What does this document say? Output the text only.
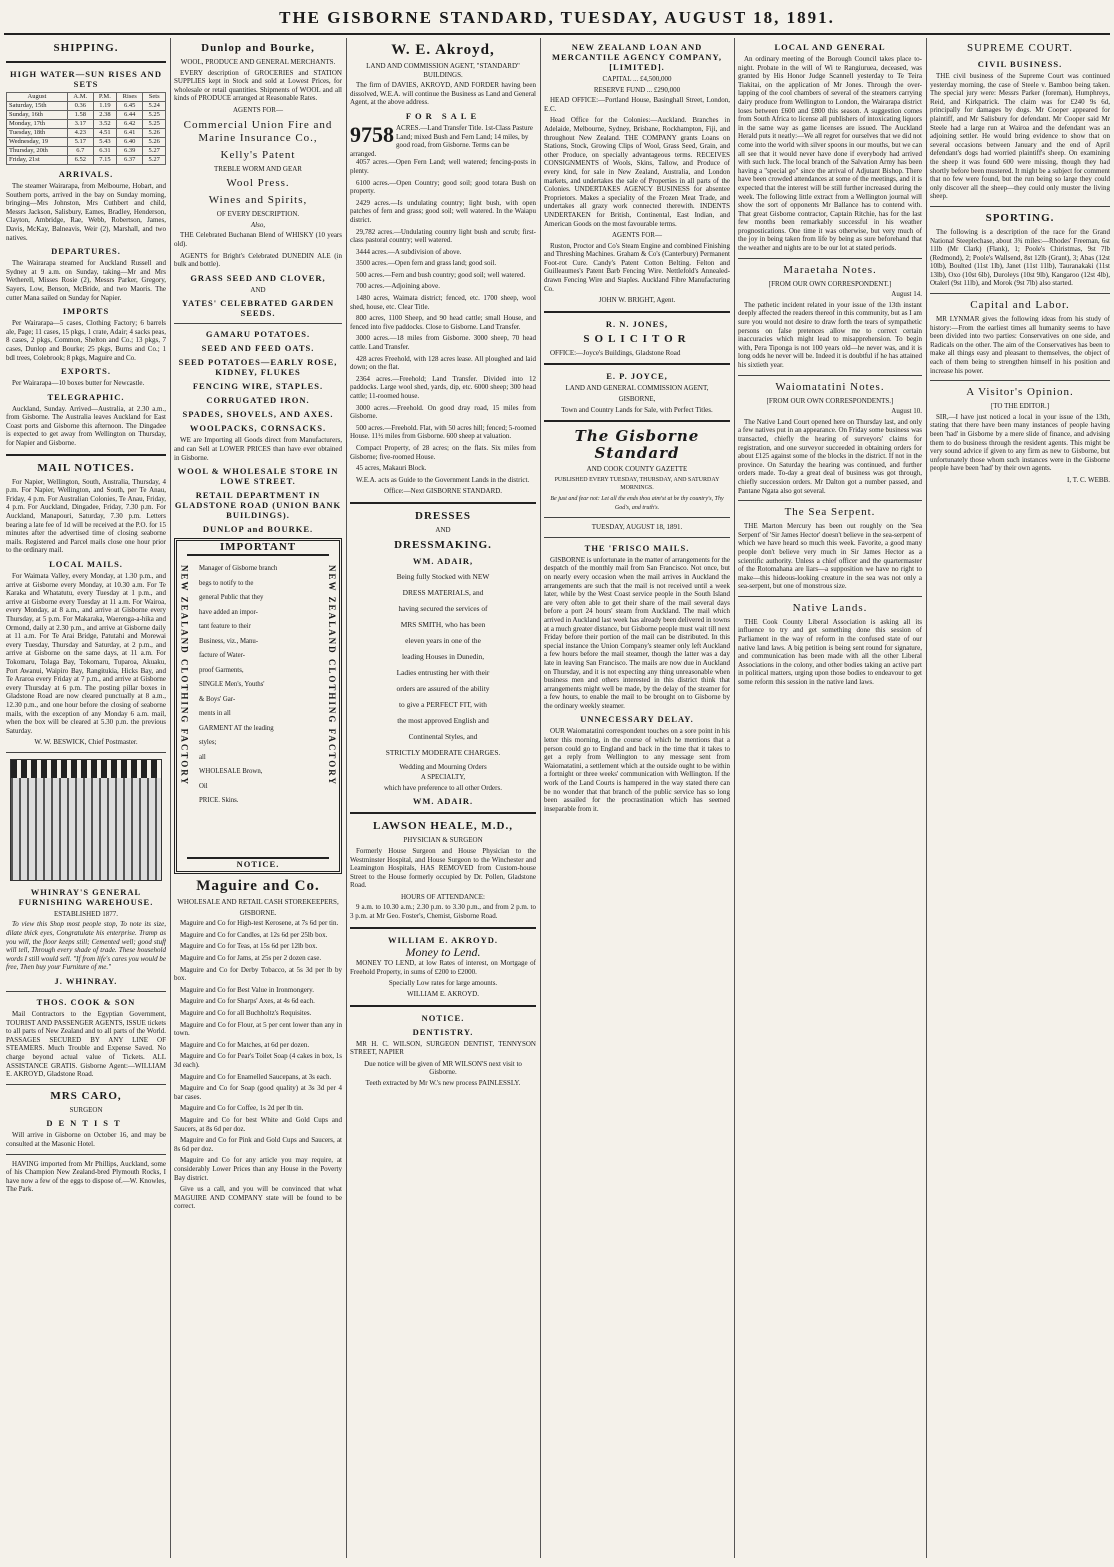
THE GISBORNE STANDARD, TUESDAY, AUGUST 18, 1891.
SHIPPING.
HIGH WATER—SUN RISES AND SETS
August	A.M.	P.M.	Rises	Sets
Saturday, 15th	0.36	1.19	6.45	5.24
Sunday, 16th	1.58	2.38	6.44	5.25
Monday, 17th	3.17	3.52	6.42	5.25
Tuesday, 18th	4.23	4.51	6.41	5.26
Wednesday, 19	5.17	5.43	6.40	5.26
Thursday, 20th	6.7	6.31	6.39	5.27
Friday, 21st	6.52	7.15	6.37	5.27
ARRIVALS.

The steamer Wairarapa, from Melbourne, Hobart, and Southern ports, arrived in the bay on Sunday morning, bringing—Mrs Johnston, Mrs Cuthbert and child, Messrs Jackson, Salisbury, Eames, Bradley, Henderson, Clayton, Ambridge, Rae, Webb, Robertson, James, Davis, McKay, Balneavis, Weir (2), Marshall, and two natives.

DEPARTURES.

The Wairarapa steamed for Auckland Russell and Sydney at 9 a.m. on Sunday, taking—Mr and Mrs Wetherell, Misses Rosie (2), Messrs Parker, Gregory, Sayers, Low, Benson, McBride, and two Maoris. The cutter Mana sailed on Sunday for Napier.

IMPORTS

Per Wairarapa—5 cases, Clothing Factory; 6 barrels ale, Page; 11 cases, 15 pkgs, 1 crate, Adair; 4 sacks peas, 8 cases, 2 pkgs, Common, Shelton and Co.; 13 pkgs, 7 cases, Dunlop and Bourke; 25 pkgs, Burns and Co.; 1 bdl trees, Colebrook; 8 pkgs, Maguire and Co.

EXPORTS.

Per Wairarapa—10 boxes butter for Newcastle.

TELEGRAPHIC.

Auckland, Sunday. Arrived—Australia, at 2.30 a.m., from Gisborne. The Australia leaves Auckland for East Coast ports and Gisborne this afternoon. The Dingadee is expected to get away from Wellington on Thursday, for Napier and Gisborne.

MAIL NOTICES.

For Napier, Wellington, South, Australia, Thursday, 4 p.m. For Napier, Wellington, and South, per Te Anau, Friday, 4 p.m. For Australian Colonies, Te Anau, Friday, 4 p.m. For Auckland, Dingadee, Friday, 7.30 p.m. For Auckland, Manapouri, Saturday, 7.30 p.m. Letters bearing a late fee of 1d will be received at the P.O. for 15 minutes after the advertised time of closing seaborne mails. Registered and Parcel mails close one hour prior to the ordinary mail.

LOCAL MAILS.

For Waimata Valley, every Monday, at 1.30 p.m., and arrive at Gisborne every Monday, at 10.30 a.m. For Te Karaka and Whatatutu, every Tuesday at 1 p.m., and arrive at Gisborne every Tuesday at 11 a.m. For Wairoa, every Monday, at 8 a.m., and arrive at Gisborne every Thursday, at 5 p.m. For Makaraka, Waerenga-a-hika and Ormond, daily at 2.30 p.m., and arrive at Gisborne daily at 11 a.m. For Te Arai Bridge, Patutahi and Morewai every Tuesday, Thursday and Saturday, at 2 p.m., and arrive at Gisborne on the same days, at 11 a.m. For Tokomaru, Tolaga Bay, Tokomaru, Tuparoa, Akuaku, Port Awanui, Waipiro Bay, Rangitukia, Hicks Bay, and Te Araroa every Friday at 7 p.m., and arrive at Gisborne every Thursday at 6 p.m. The posting pillar boxes in Gladstone Road are now cleared punctually at 8 a.m., 12.30 p.m., and one hour before the closing of seaborne mails, with the exception of any Monday 6 a.m. mail, when the box will be cleared at 5.30 p.m. the previous Saturday.

W. W. BESWICK, Chief Postmaster.

WHINRAY'S GENERAL FURNISHING WAREHOUSE.

ESTABLISHED 1877.

To view this Shop most people stop, To note its size, dilate thick eyes, Congratulate his enterprise. Tramp as you will, the floor keeps still; Cemented well; good stuff will tell, Through every shade of trade. These household words I still would sell. "If from life's cares you would be free, Then buy your Furniture of me."

J. WHINRAY.
THOS. COOK & SON

Mail Contractors to the Egyptian Government, TOURIST AND PASSENGER AGENTS, ISSUE tickets to all parts of New Zealand and to all parts of the World. PASSAGES SECURED BY ANY LINE OF STEAMERS. Much Trouble and Expense Saved. No charge beyond actual value of Tickets. ALL ASSISTANCE GRATIS. Gisborne Agent:—WILLIAM E. AKROYD, Gladstone Road.

MRS CARO,

SURGEON

DENTIST

Will arrive in Gisborne on October 16, and may be consulted at the Masonic Hotel.

HAVING imported from Mr Phillips, Auckland, some of his Champion New Zealand-bred Plymouth Rocks, I have now a few of the eggs to dispose of.—W. Knowles, The Park.

Dunlop and Bourke,

WOOL, PRODUCE AND GENERAL MERCHANTS.

EVERY description of GROCERIES and STATION SUPPLIES kept in Stock and sold at Lowest Prices, for wholesale or retail quantities. Shipments of WOOL and all kinds of PRODUCE arranged at Reasonable Rates.

AGENTS FOR—

Commercial Union Fire and Marine Insurance Co.,
Kelly's Patent

TREBLE WORM AND GEAR

Wool Press.
Wines and Spirits,

OF EVERY DESCRIPTION.

Also,

THE Celebrated Buchanan Blend of WHISKY (10 years old).

AGENTS for Bright's Celebrated DUNEDIN ALE (in bulk and bottle).

GRASS SEED AND CLOVER,

AND

YATES' CELEBRATED GARDEN SEEDS.
GAMARU POTATOES.
SEED AND FEED OATS.
SEED POTATOES—EARLY ROSE, KIDNEY, FLUKES
FENCING WIRE, STAPLES.
CORRUGATED IRON.
SPADES, SHOVELS, AND AXES.
WOOLPACKS, CORNSACKS.

WE are Importing all Goods direct from Manufacturers, and can Sell at LOWER PRICES than have ever obtained in Gisborne.

WOOL & WHOLESALE STORE IN LOWE STREET.
RETAIL DEPARTMENT IN GLADSTONE ROAD (UNION BANK BUILDINGS).
DUNLOP and BOURKE.
IMPORTANT
NEW ZEALAND CLOTHING FACTORY	NEW ZEALAND CLOTHING FACTORY
Manager of Gisborne branch
begs to notify to the
general Public that they
have added an impor-
tant feature to their
Business, viz., Manu-
facture of Water-
proof Garments,
SINGLE Men's, Youths'
& Boys' Gar-
ments in all
GARMENT AT the leading
styles;
all
WHOLESALE Brown,
Oil
PRICE. Skins.
NOTICE.
Maguire and Co.

WHOLESALE AND RETAIL CASH STOREKEEPERS,

GISBORNE.

Maguire and Co for High-test Kerosene, at 7s 6d per tin.

Maguire and Co for Candles, at 12s 6d per 25lb box.

Maguire and Co for Teas, at 15s 6d per 12lb box.

Maguire and Co for Jams, at 25s per 2 dozen case.

Maguire and Co for Derby Tobacco, at 5s 3d per lb by box.

Maguire and Co for Best Value in Ironmongery.

Maguire and Co for Sharps' Axes, at 4s 6d each.

Maguire and Co for all Buchholtz's Requisites.

Maguire and Co for Flour, at 5 per cent lower than any in town.

Maguire and Co for Matches, at 6d per dozen.

Maguire and Co for Pear's Toilet Soap (4 cakes in box, 1s 3d each).

Maguire and Co for Enamelled Saucepans, at 3s each.

Maguire and Co for Soap (good quality) at 3s 3d per 4 bar cases.

Maguire and Co for Coffee, 1s 2d per lb tin.

Maguire and Co for best White and Gold Cups and Saucers, at 8s 6d per doz.

Maguire and Co for Pink and Gold Cups and Saucers, at 8s 6d per doz.

Maguire and Co for any article you may require, at considerably Lower Prices than any House in the Poverty Bay district.

Give us a call, and you will be convinced that what MAGUIRE AND COMPANY state will be found to be correct.

W. E. Akroyd,

LAND AND COMMISSION AGENT, "STANDARD" BUILDINGS.

The firm of DAVIES, AKROYD, AND FORDER having been dissolved, W.E.A. will continue the Business as Land and General Agent, at the above address.

FOR SALE
9758 ACRES.—Land Transfer Title. 1st-Class Pasture Land; mixed Bush and Fern Land; 14 miles, by good road, from Gisborne. Terms can be arranged.

4057 acres.—Open Fern Land; well watered; fencing-posts in plenty.

6100 acres.—Open Country; good soil; good totara Bush on property.

2429 acres.—Is undulating country; light bush, with open patches of fern and grass; good soil; well watered. In the Waiapu district.

29,782 acres.—Undulating country light bush and scrub; first-class pastoral country; well watered.

3444 acres.—A subdivision of above.

3500 acres.—Open fern and grass land; good soil.

500 acres.—Fern and bush country; good soil; well watered.

700 acres.—Adjoining above.

1480 acres, Waimata district; fenced, etc. 1700 sheep, wool shed, house, etc. Clear Title.

800 acres, 1100 Sheep, and 90 head cattle; small House, and fenced into five paddocks. Close to Gisborne. Land Transfer.

3000 acres.—18 miles from Gisborne. 3000 sheep, 70 head cattle. Land Transfer.

428 acres Freehold, with 128 acres lease. All ploughed and laid down; on the flat.

2364 acres.—Freehold; Land Transfer. Divided into 12 paddocks. Large wool shed, yards, dip, etc. 6000 sheep; 300 head cattle; 11-roomed house.

3000 acres.—Freehold. On good dray road, 15 miles from Gisborne.

500 acres.—Freehold. Flat, with 50 acres hill; fenced; 5-roomed House. 11½ miles from Gisborne. 600 sheep at valuation.

Compact Property, of 28 acres; on the flats. Six miles from Gisborne; five-roomed House.

45 acres, Makauri Block.

W.E.A. acts as Guide to the Government Lands in the district.

Office:—Next GISBORNE STANDARD.

DRESSES

AND

DRESSMAKING.
WM. ADAIR,
Being fully Stocked with NEW
DRESS MATERIALS, and
having secured the services of
MRS SMITH, who has been
eleven years in one of the
leading Houses in Dunedin,
Ladies entrusting her with their
orders are assured of the ability
to give a PERFECT FIT, with
the most approved English and
Continental Styles, and
STRICTLY MODERATE CHARGES.

Wedding and Mourning Orders

A SPECIALTY,

which have preference to all other Orders.

WM. ADAIR.
LAWSON HEALE, M.D.,

PHYSICIAN & SURGEON

Formerly House Surgeon and House Physician to the Westminster Hospital, and House Surgeon to the Winchester and Leamington Hospitals, HAS REMOVED from Custom-house Street to the House formerly occupied by Dr. Pollen, Gladstone Road.

HOURS OF ATTENDANCE:

9 a.m. to 10.30 a.m.; 2.30 p.m. to 3.30 p.m., and from 2 p.m. to 3 p.m. at Mr Geo. Foster's, Chemist, Gisborne Road.

WILLIAM E. AKROYD.
Money to Lend.

MONEY TO LEND, at low Rates of interest, on Mortgage of Freehold Property, in sums of £200 to £2000.

Specially Low rates for large amounts.

WILLIAM E. AKROYD.

NOTICE.
DENTISTRY.

MR H. C. WILSON, SURGEON DENTIST, TENNYSON STREET, NAPIER

Due notice will be given of MR WILSON'S next visit to Gisborne.

Teeth extracted by Mr W.'s new process PAINLESSLY.

NEW ZEALAND LOAN AND MERCANTILE AGENCY COMPANY, [LIMITED].

CAPITAL ... £4,500,000

RESERVE FUND ... £290,000

HEAD OFFICE:—Portland House, Basinghall Street, London, E.C.

Head Office for the Colonies:—Auckland. Branches in Adelaide, Melbourne, Sydney, Brisbane, Rockhampton, Fiji, and throughout New Zealand. THE COMPANY grants Loans on Stations, Stock, Growing Clips of Wool, Grass Seed, Grain, and other Produce, on specially advantageous terms. RECEIVES CONSIGNMENTS of Wools, Skins, Tallow, and Produce of every kind, for sale in New Zealand, Australia, and London markets, and undertakes the sale of Properties in all parts of the Colonies. UNDERTAKES AGENCY BUSINESS for absentee Proprietors. Makes a speciality of the Frozen Meat Trade, and undertakes all grazy work connected therewith. INDENTS UNDERTAKEN for British, Continental, East Indian, and American Goods on the most favourable terms.

AGENTS FOR—

Ruston, Proctor and Co's Steam Engine and combined Finishing and Threshing Machines. Graham & Co's (Canterbury) Permanent Foot-rot Cure. Candy's Patent Cotton Belting. Felton and Guilleaumes's Patent Barb Fencing Wire. Nettlefold's Annealed-drawn Fencing Wire and Staples. Auckland Fibre Manufacturing Co.

JOHN W. BRIGHT, Agent.

R. N. JONES,
SOLICITOR

OFFICE:—Joyce's Buildings, Gladstone Road

E. P. JOYCE,

LAND AND GENERAL COMMISSION AGENT,

GISBORNE,

Town and Country Lands for Sale, with Perfect Titles.

The Gisborne Standard

AND COOK COUNTY GAZETTE

PUBLISHED EVERY TUESDAY, THURSDAY, AND SATURDAY MORNINGS.

Be just and fear not: Let all the ends thou aim'st at be thy country's, Thy God's, and truth's.

TUESDAY, AUGUST 18, 1891.

THE 'FRISCO MAILS.

GISBORNE is unfortunate in the matter of arrangements for the despatch of the monthly mail from San Francisco. Not once, but on nearly every occasion when the mail arrives in Auckland the arrangements are such that the mail is not received until a week later, while by the West Coast service people in the South Island are very often able to get their share of the mail several days before a port 24 hours' steam from Auckland. The mail which arrived in Auckland last week has already been delivered in towns at a much greater distance, but Gisborne people must wait till next Friday before their portion of the mail can be distributed. In this special instance the Union Company's steamer only left Auckland a few hours before the mail steamer, though the latter was a day late in leaving San Francisco. The mails are now due in Auckland on Thursday, and it is not expecting any thing unreasonable when business men and others interested in this district think that arrangements might well be made, by the delay of the steamer for a few hours, to enable the mail to be brought on to Gisborne by the ordinary weekly steamer.

UNNECESSARY DELAY.

OUR Waiomatatini correspondent touches on a sore point in his letter this morning, in the course of which he mentions that a person could go to England and back in the time that it takes to get a reply from Wellington to any message sent from Waiomatatini, a settlement which at the outside ought to be within a fortnight or three weeks' communication with Wellington. If the work of the Land Courts is hampered in the way stated there can be no wonder that that branch of the public service has so long been assailed for the procrastination which has seemed inseparable from it.

LOCAL AND GENERAL

An ordinary meeting of the Borough Council takes place to-night. Probate in the will of Wi te Rangiuruea, deceased, was granted by His Honor Judge Scannell yesterday to Te Teira Tiakitai, on the application of Mr Jones. Through the over-lapping of the cool chambers of several of the steamers carrying dairy produce from Wellington to London, the Wairarapa district loses between £600 and £800 this season. A suggestion comes from South Africa to license all publishers of intoxicating liquors in the same way as game licenses are issued. The Auckland Herald puts it neatly:—We all regret for ourselves that we did not come into the world with silver spoons in our mouths, but we can all see that it would never have done if everybody had arrived with such luck. The local branch of the Salvation Army has been having a "special go" since the arrival of Adjutant Bishop. There have been crowded attendances at some of the meetings, and it is expected that the interest will be still further increased during the week. The following little extract from a Wellington journal will show the sort of opponents Mr Ballance has to contend with. That great Gisborne contractor, Captain Ritchie, has for the last few months been remarkably successful in his weather prognostications. One time it was otherwise, but very much of the joy in being taken from life by being as sure beforehand that the weather and nights are to be our lot at stated periods.

Maraetaha Notes.

[FROM OUR OWN CORRESPONDENT.]

August 14.

The pathetic incident related in your issue of the 13th instant deeply affected the readers thereof in this community, but as I am sure you would not desire to draw forth the tears of sympathetic persons on false pretences allow me to correct certain inaccuracies which might lead to misapprehension. To begin with, Pera Tiponga is not 100 years old—he never was, and it is long odds he never will be. Indeed it is doubtful if he has attained his sixtieth year.

Waiomatatini Notes.

[FROM OUR OWN CORRESPONDENTS.]

August 10.

The Native Land Court opened here on Thursday last, and only a few natives put in an appearance. On Friday some business was transacted, chiefly the hearing of surveyors' claims for registration, and one surveyor succeeded in obtaining orders for about £125 against some of the blocks in the district. If not in the province. On Saturday the hearing was continued, and further orders made. To-day a great deal of business was got through, chiefly succession orders. Mr Dalton got a number passed, and Pantane Ngata also got several.

The Sea Serpent.

THE Marton Mercury has been out roughly on the 'Sea Serpent' of 'Sir James Hector' doesn't believe in the sea-serpent of which we have heard so much this week. Favorite, a good many people don't believe very much in Sir James Hector as a scientific authority. Unless a chief officer and the quartermaster of the Rotomahana are liars—a supposition we have no right to make—this hideous-looking creature in the sea was not only a sea-serpent, but one of monstrous size.

Native Lands.

THE Cook County Liberal Association is asking all its influence to try and get something done this session of Parliament in the way of reform in the confused state of our native land laws. A big petition is being sent round for signature, and communication has been made with all the other Liberal Associations in the colony, and other bodies taking an active part in political matters, urging upon those bodies to endeavour to get some reform this session in the native land laws.

SUPREME COURT.
CIVIL BUSINESS.

THE civil business of the Supreme Court was continued yesterday morning, the case of Steele v. Bamboo being taken. The special jury were: Messrs Parker (foreman), Humphreys, Reid, and Kirkpatrick. The claim was for £240 9s 6d, principally for damages by dogs. Mr Cooper appeared for plaintiff, and Mr Salisbury for defendant. Mr Cooper said Mr Steele had a large run at Wairoa and the defendant was an adjoining settler. He would bring evidence to show that on several occasions between January and the end of April defendant's dogs had worried plaintiff's sheep. On examining the sheep it was found 600 were missing, though they had shortly before been mustered. It might be a subject for comment that no few were found, but the run being so large they could only discover all the sheep—they could only muster the living sheep.

SPORTING.

The following is a description of the race for the Grand National Steeplechase, about 3¾ miles:—Rhodes' Freeman, 6st 11lb (Mr Clark) (Flank), 1; Poole's Chiristmas, 9st 7lb (Redmond), 2; Poole's Wallsend, 8st 12lb (Grant), 3; Abas (12st 10lb), Boulted (11st 1lb), Janet (11st 11lb), Tauranakaki (11st 13lb), Oxo (10st 6lb), Duroleys (10st 9lb), Kangaroo (12st 4lb), Otalerl (9st 11lb), and Morok (9st 7lb) also started.

Capital and Labor.

MR LYNMAR gives the following ideas from his study of history:—From the earliest times all humanity seems to have been divided into two parties: Conservatives on one side, and Radicals on the other. The aim of the Conservatives has been to make all things easy and pleasant to themselves, the object of each of them being to strengthen himself in his position and increase his power.

A Visitor's Opinion.

[TO THE EDITOR.]

SIR,—I have just noticed a local in your issue of the 13th, stating that there have been many instances of people having been 'had' in Gisborne by a mere slide of finance, and advising them to do business through the resident agents. This might be very sound advice if given to any firm as new to Gisborne, but unfortunately those whom such instances were in the Gisborne people have been 'had' by their own agents.

I, T. C. WEBB.
